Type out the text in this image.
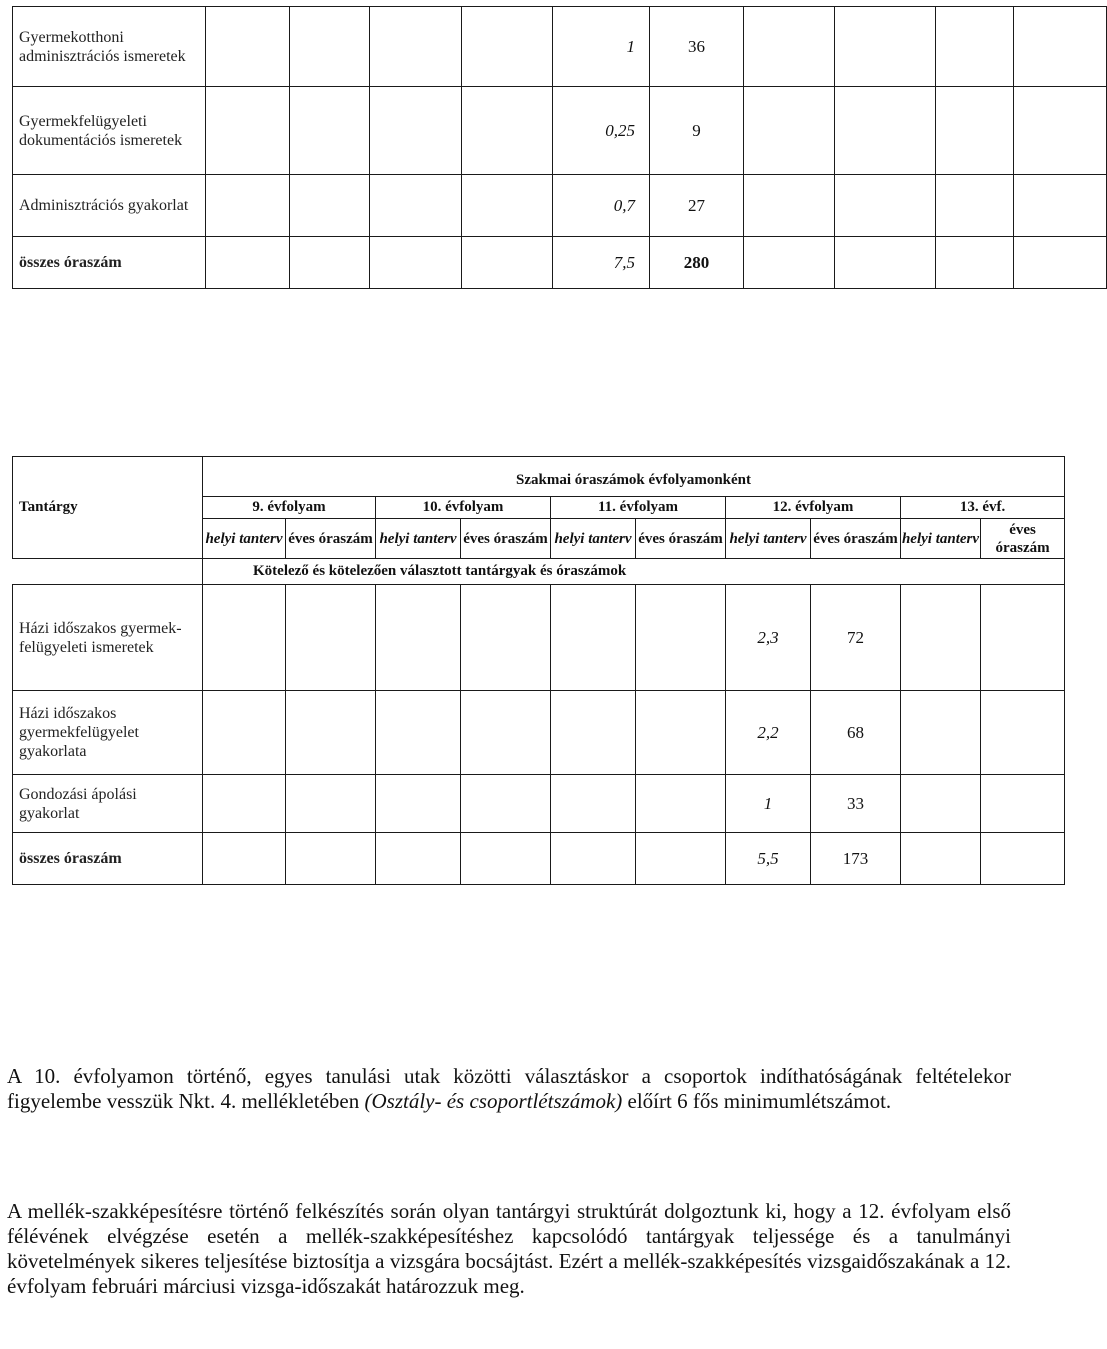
Gyermekotthoni adminisztrációs ismeretek					1	36				
Gyermekfelügyeleti dokumentációs ismeretek					0,25	9				
Adminisztrációs gyakorlat					0,7	27				
összes óraszám					7,5	280				
Tantárgy	Szakmai óraszámok évfolyamonként									
	9. évfolyam		10. évfolyam		11. évfolyam		12. évfolyam		13. évf.	
	helyi tanterv	éves óraszám	helyi tanterv	éves óraszám	helyi tanterv	éves óraszám	helyi tanterv	éves óraszám	helyi tanterv	éves óraszám
	Kötelező és kötelezően választott tantárgyak és óraszámok									
Házi időszakos gyermek-felügyeleti ismeretek							2,3	72		
Házi időszakos gyermekfelügyelet gyakorlata							2,2	68		
Gondozási ápolási gyakorlat							1	33		
összes óraszám							5,5	173		
A 10. évfolyamon történő, egyes tanulási utak közötti választáskor a csoportok indíthatóságának feltételekor figyelembe vesszük Nkt. 4. mellékletében (Osztály- és csoportlétszámok) előírt 6 fős minimumlétszámot.
A mellék-szakképesítésre történő felkészítés során olyan tantárgyi struktúrát dolgoztunk ki, hogy a 12. évfolyam első félévének elvégzése esetén a mellék-szakképesítéshez kapcsolódó tantárgyak teljessége és a tanulmányi követelmények sikeres teljesítése biztosítja a vizsgára bocsájtást. Ezért a mellék-szakképesítés vizsgaidőszakának a 12. évfolyam februári márciusi vizsga-időszakát határozzuk meg.
